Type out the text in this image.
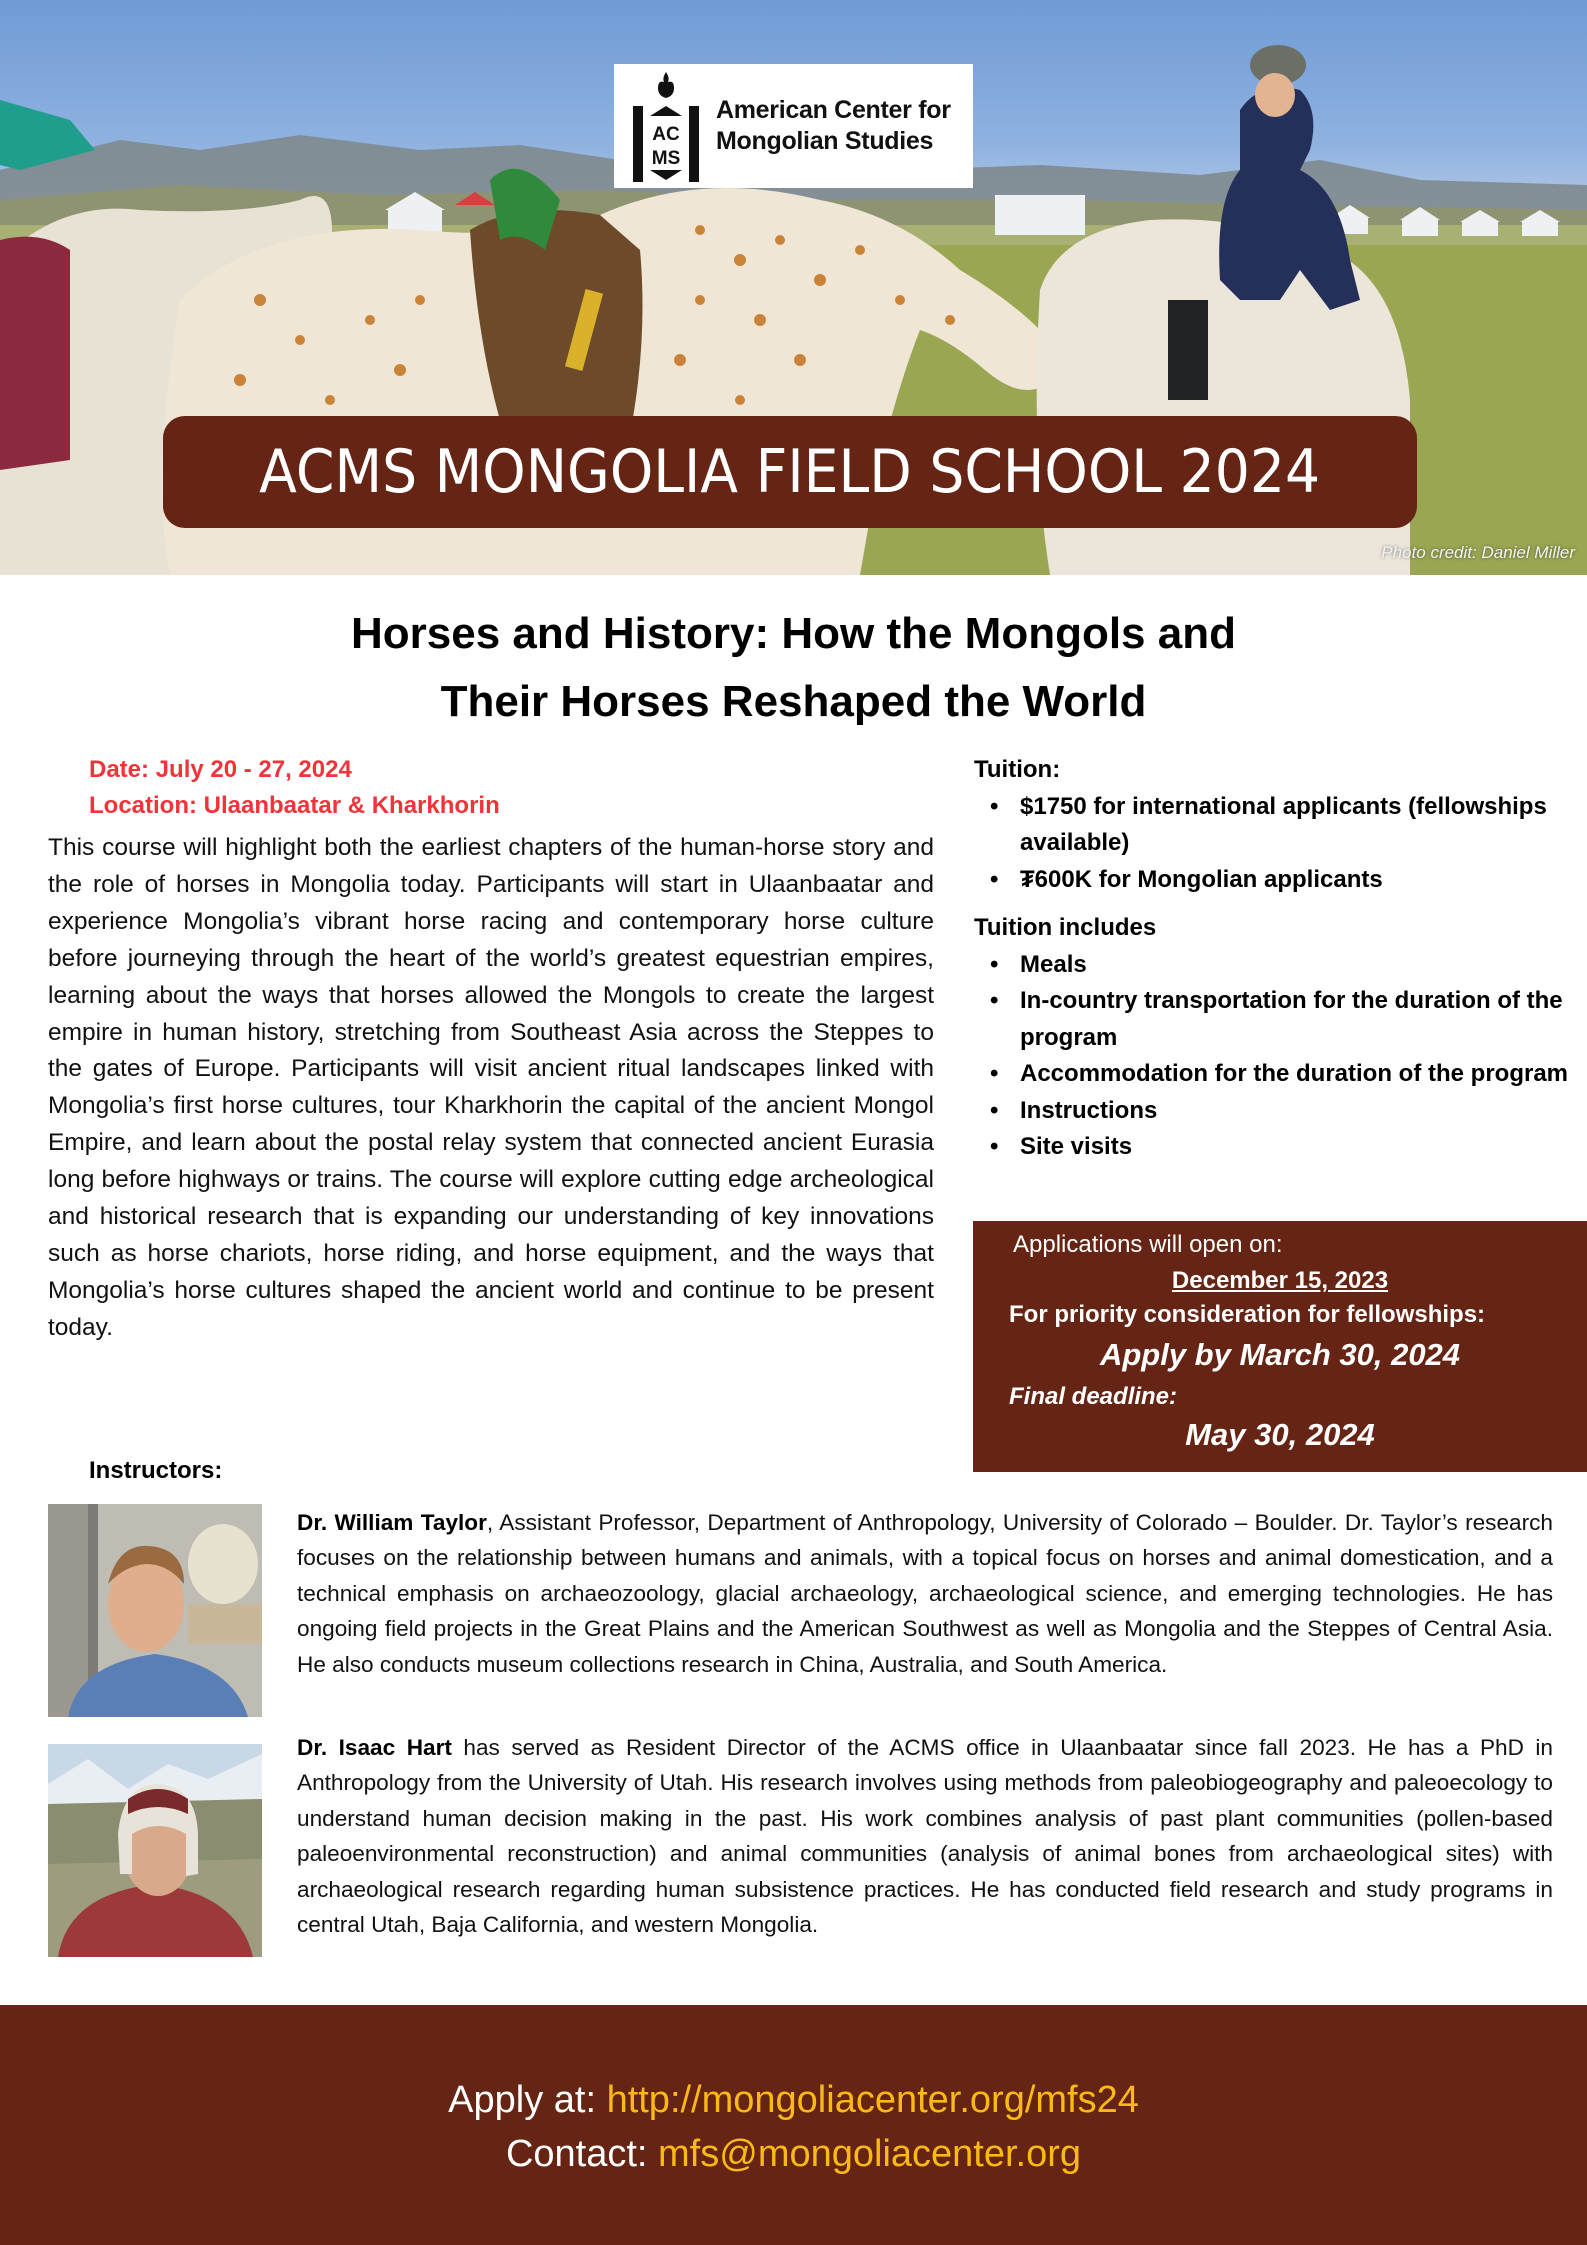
AC
MS
American Center for
Mongolian Studies
ACMS MONGOLIA FIELD SCHOOL 2024
Photo credit: Daniel Miller
Horses and History: How the Mongols and
Their Horses Reshaped the World
Date: July 20 - 27, 2024
Location: Ulaanbaatar & Kharkhorin

This course will highlight both the earliest chapters of the human-horse story and the role of horses in Mongolia today. Participants will start in Ulaanbaatar and experience Mongolia’s vibrant horse racing and contemporary horse culture before journeying through the heart of the world’s greatest equestrian empires, learning about the ways that horses allowed the Mongols to create the largest empire in human history, stretching from Southeast Asia across the Steppes to the gates of Europe. Participants will visit ancient ritual landscapes linked with Mongolia’s first horse cultures, tour Kharkhorin the capital of the ancient Mongol Empire, and learn about the postal relay system that connected ancient Eurasia long before highways or trains. The course will explore cutting edge archeological and historical research that is expanding our understanding of key innovations such as horse chariots, horse riding, and horse equipment, and the ways that Mongolia’s horse cultures shaped the ancient world and continue to be present today.

Tuition:
• $1750 for international applicants (fellowships available)
• ₮600K for Mongolian applicants
Tuition includes
• Meals
• In-country transportation for the duration of the program
• Accommodation for the duration of the program
• Instructions
• Site visits
Applications will open on:
December 15, 2023
For priority consideration for fellowships:
Apply by March 30, 2024
Final deadline:
May 30, 2024
Instructors:
Dr. William Taylor, Assistant Professor, Department of Anthropology, University of Colorado – Boulder. Dr. Taylor’s research focuses on the relationship between humans and animals, with a topical focus on horses and animal domestication, and a technical emphasis on archaeozoology, glacial archaeology, archaeological science, and emerging technologies. He has ongoing field projects in the Great Plains and the American Southwest as well as Mongolia and the Steppes of Central Asia. He also conducts museum collections research in China, Australia, and South America.
Dr. Isaac Hart has served as Resident Director of the ACMS office in Ulaanbaatar since fall 2023. He has a PhD in Anthropology from the University of Utah. His research involves using methods from paleobiogeography and paleoecology to understand human decision making in the past. His work combines analysis of past plant communities (pollen-based paleoenvironmental reconstruction) and animal communities (analysis of animal bones from archaeological sites) with archaeological research regarding human subsistence practices. He has conducted field research and study programs in central Utah, Baja California, and western Mongolia.
Apply at: http://mongoliacenter.org/mfs24
Contact: mfs@mongoliacenter.org
